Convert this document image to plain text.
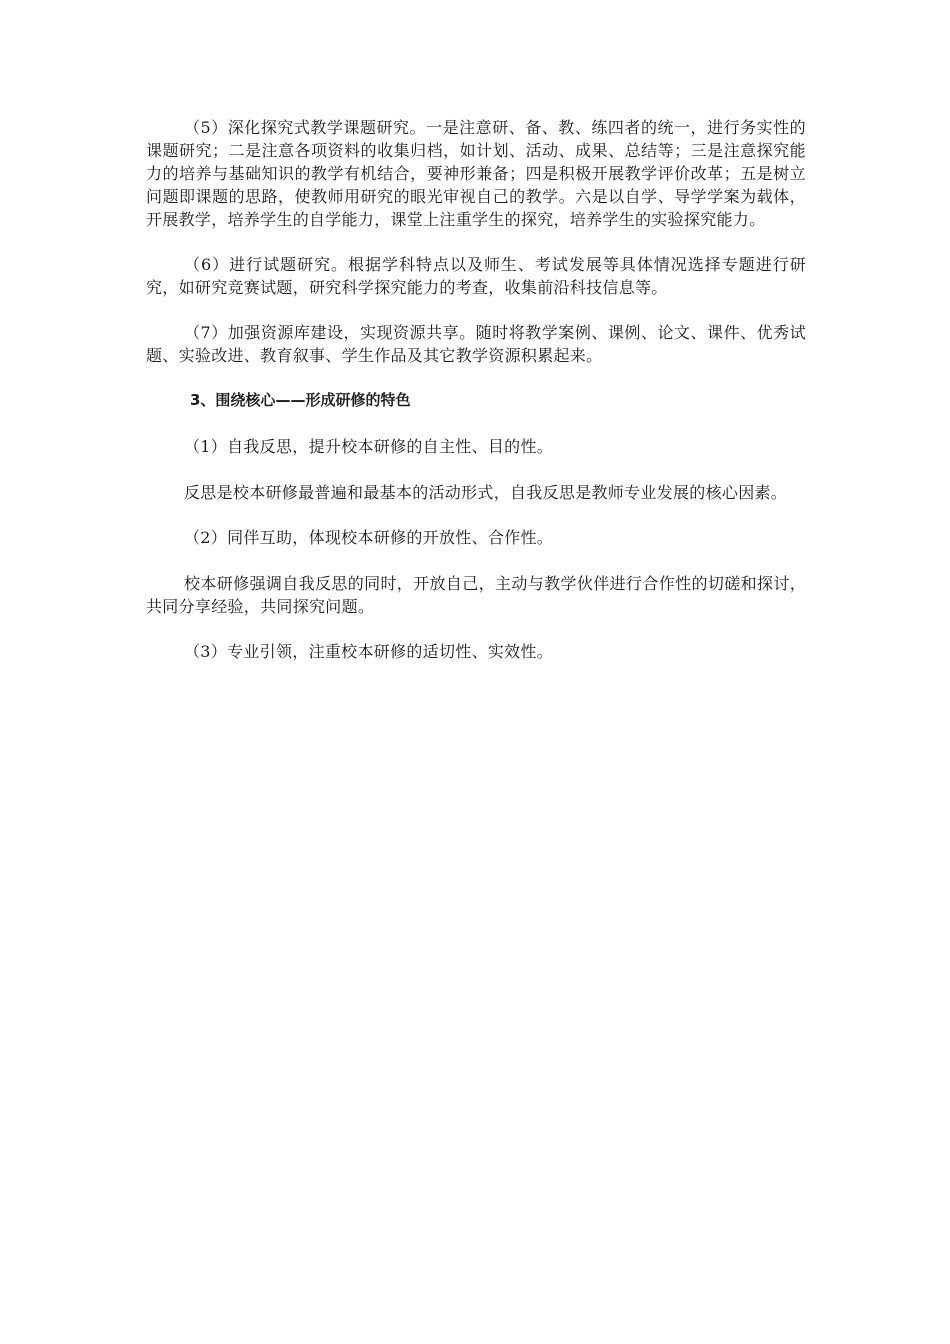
（5）深化探究式教学课题研究。一是注意研、备、教、练四者的统一，进行务实性的课题研究；二是注意各项资料的收集归档，如计划、活动、成果、总结等；三是注意探究能力的培养与基础知识的教学有机结合，要神形兼备；四是积极开展教学评价改革；五是树立问题即课题的思路，使教师用研究的眼光审视自己的教学。六是以自学、导学学案为载体，开展教学，培养学生的自学能力，课堂上注重学生的探究，培养学生的实验探究能力。

（6）进行试题研究。根据学科特点以及师生、考试发展等具体情况选择专题进行研究，如研究竞赛试题，研究科学探究能力的考查，收集前沿科技信息等。

（7）加强资源库建设，实现资源共享。随时将教学案例、课例、论文、课件、优秀试题、实验改进、教育叙事、学生作品及其它教学资源积累起来。

3、围绕核心——形成研修的特色

（1）自我反思，提升校本研修的自主性、目的性。

反思是校本研修最普遍和最基本的活动形式，自我反思是教师专业发展的核心因素。

（2）同伴互助，体现校本研修的开放性、合作性。

校本研修强调自我反思的同时，开放自己，主动与教学伙伴进行合作性的切磋和探讨，共同分享经验，共同探究问题。

（3）专业引领，注重校本研修的适切性、实效性。
